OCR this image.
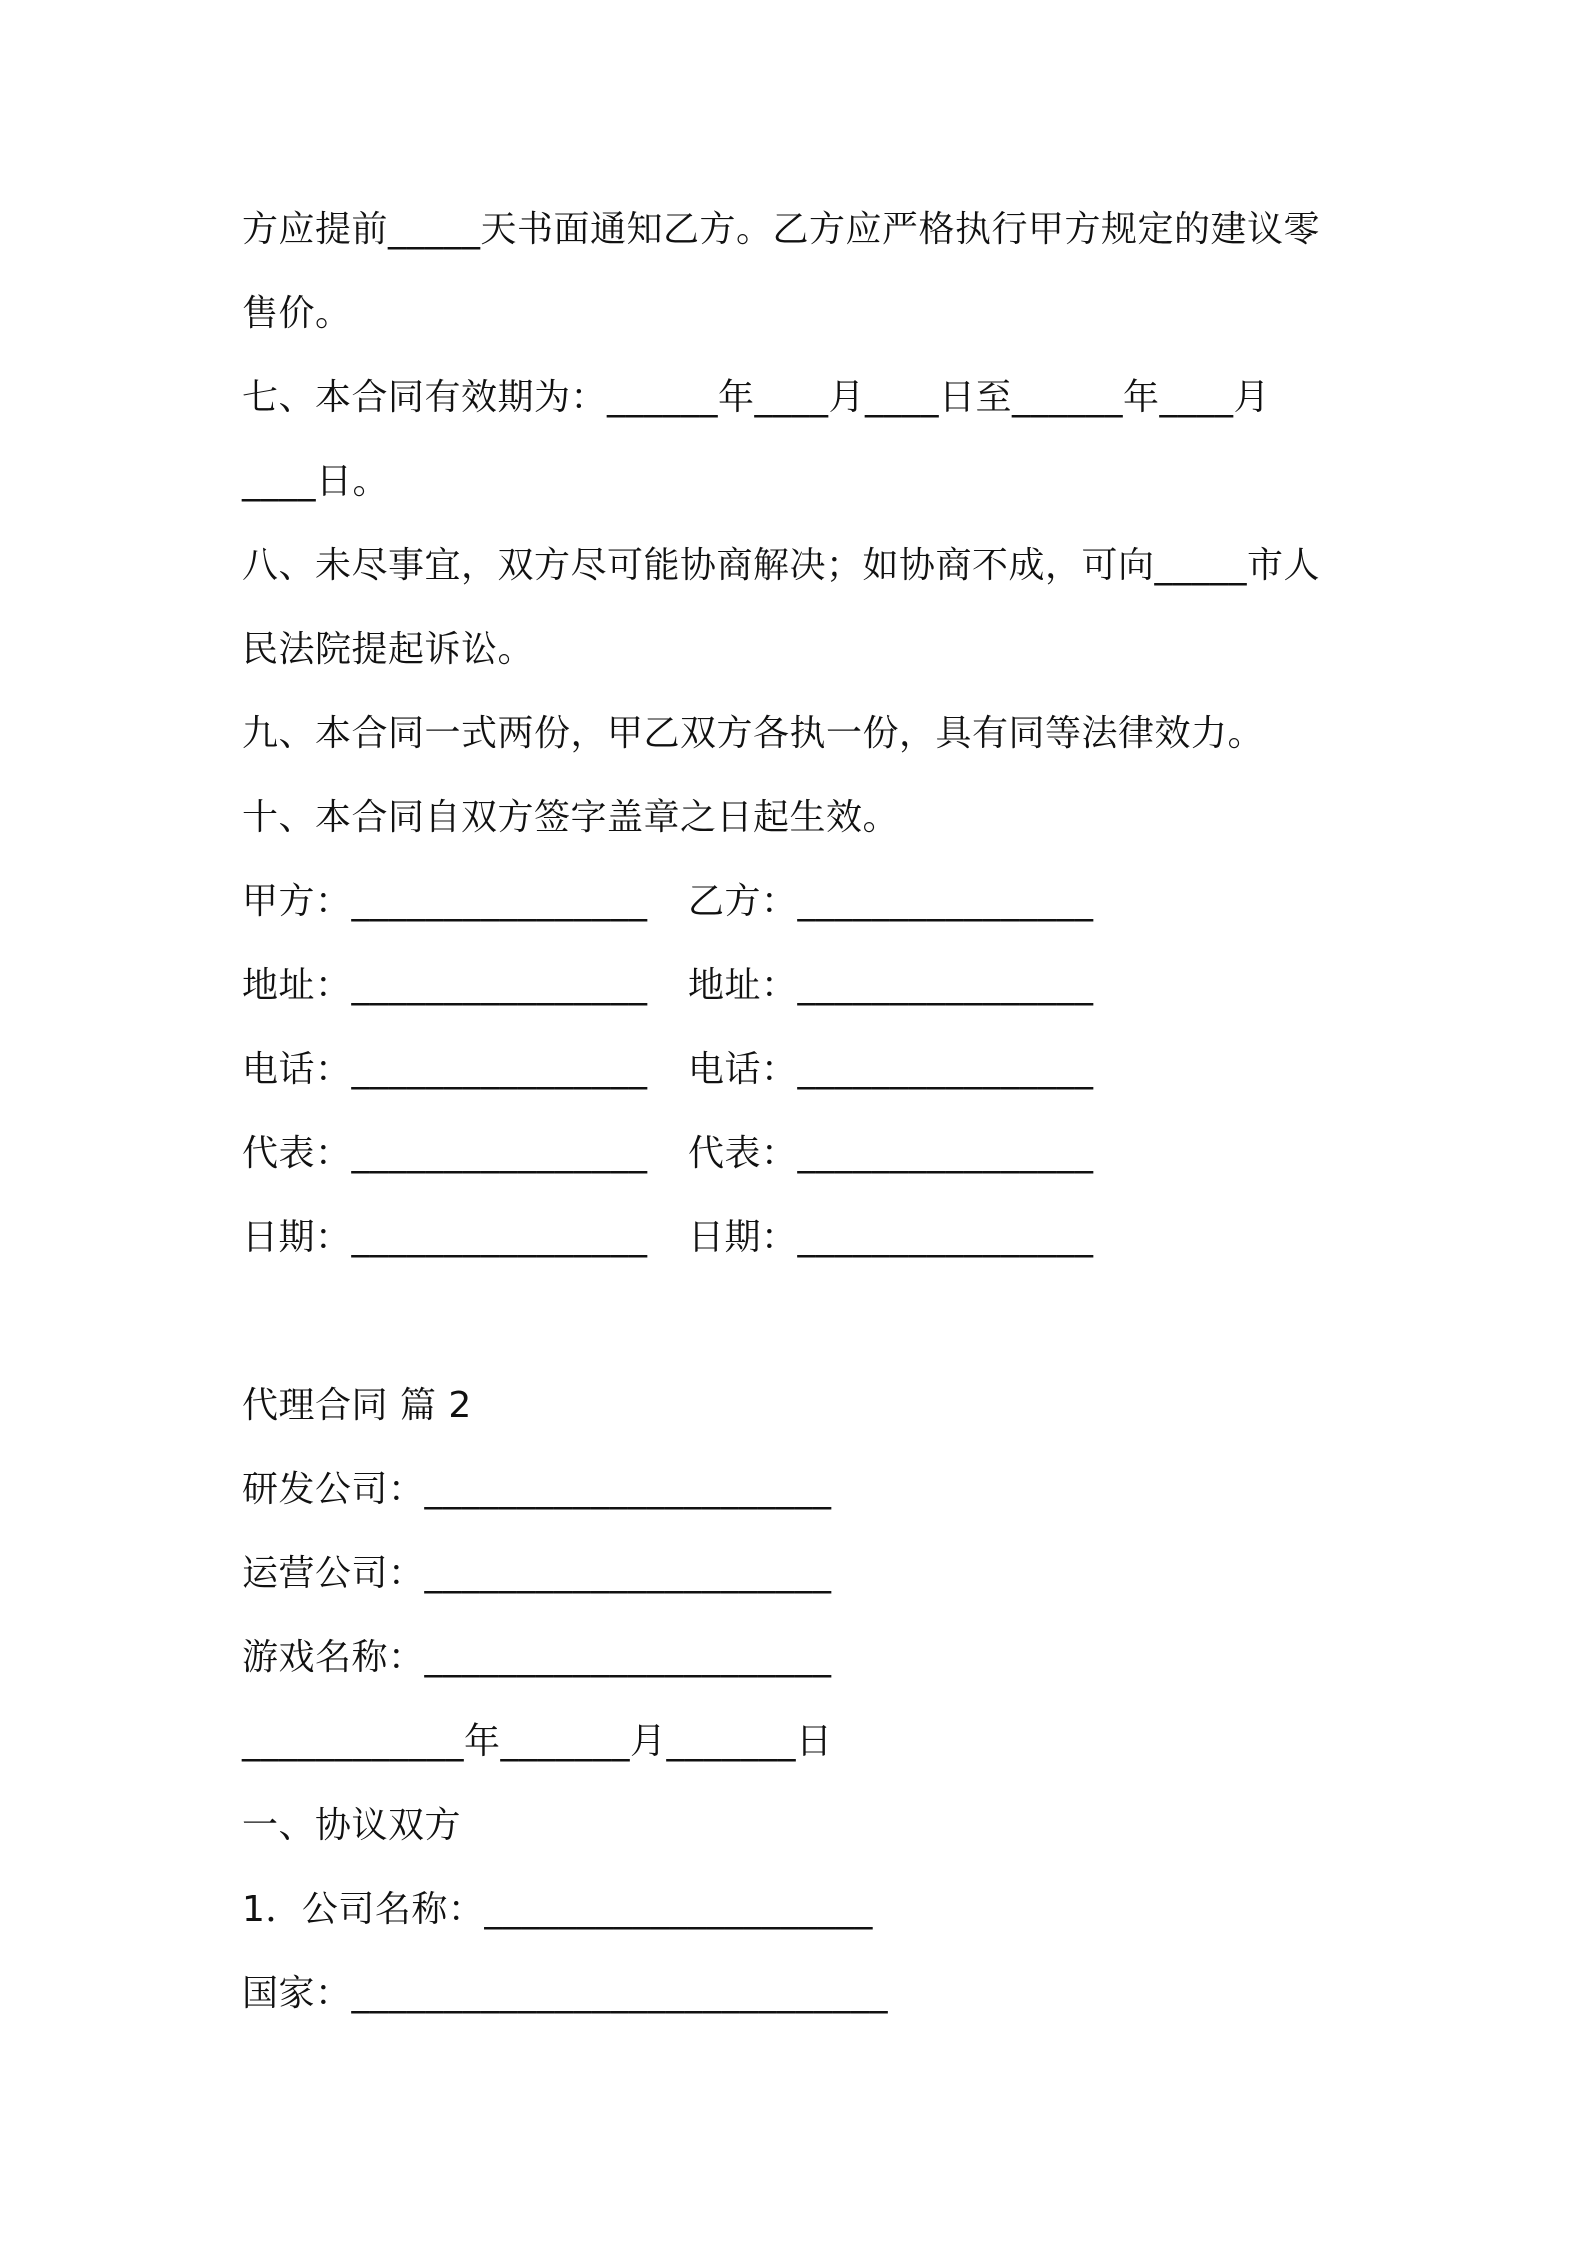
方应提前_____天书面通知乙方。乙方应严格执行甲方规定的建议零
售价。
七、本合同有效期为：______年____月____日至______年____月
____日。
八、未尽事宜，双方尽可能协商解决；如协商不成，可向_____市人
民法院提起诉讼。
九、本合同一式两份，甲乙双方各执一份，具有同等法律效力。
十、本合同自双方签字盖章之日起生效。
甲方：________________ 乙方：________________
地址：________________ 地址：________________
电话：________________ 电话：________________
代表：________________ 代表：________________
日期：________________ 日期：________________
代理合同 篇 2
研发公司：______________________
运营公司：______________________
游戏名称：______________________
____________年_______月_______日
一、协议双方
1．公司名称：_____________________
国家：_____________________________
